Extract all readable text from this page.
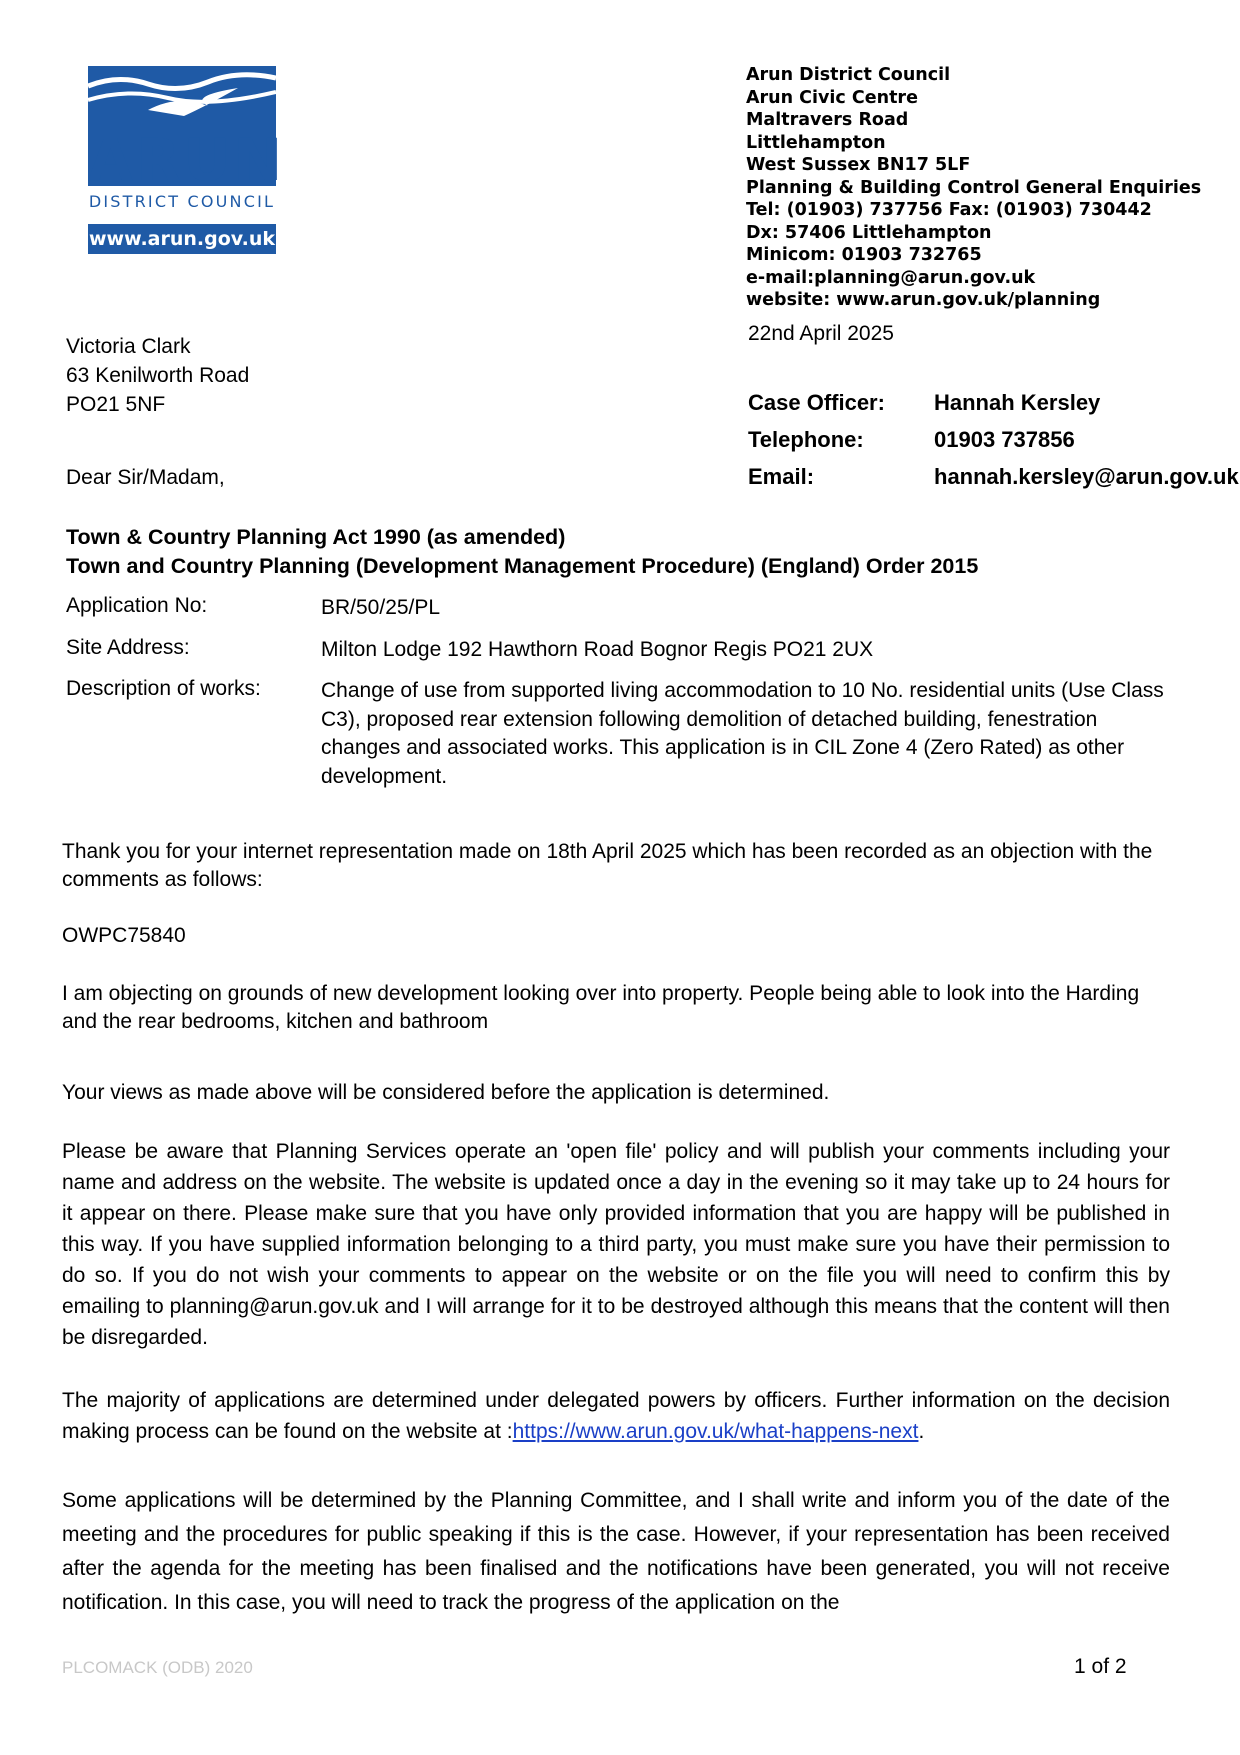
ARUN
DISTRICT COUNCIL
www.arun.gov.uk
Arun District Council
Arun Civic Centre
Maltravers Road
Littlehampton
West Sussex BN17 5LF
Planning & Building Control General Enquiries
Tel: (01903) 737756 Fax: (01903) 730442
Dx: 57406 Littlehampton
Minicom: 01903 732765
e-mail:planning@arun.gov.uk
website: www.arun.gov.uk/planning
22nd April 2025
Victoria Clark
63 Kenilworth Road
PO21 5NF
Dear Sir/Madam,
Case Officer: Hannah Kersley
Telephone:	01903 737856
Email:	hannah.kersley@arun.gov.uk
Town & Country Planning Act 1990 (as amended)
Town and Country Planning (Development Management Procedure) (England) Order 2015
Application No:	BR/50/25/PL
Site Address:	Milton Lodge 192 Hawthorn Road Bognor Regis PO21 2UX
Description of works:	Change of use from supported living accommodation to 10 No. residential units (Use Class C3), proposed rear extension following demolition of detached building, fenestration changes and associated works. This application is in CIL Zone 4 (Zero Rated) as other development.
Thank you for your internet representation made on 18th April 2025 which has been recorded as an objection with the comments as follows:
OWPC75840
I am objecting on grounds of new development looking over into property. People being able to look into the Harding and the rear bedrooms, kitchen and bathroom
Your views as made above will be considered before the application is determined.
Please be aware that Planning Services operate an 'open file' policy and will publish your comments including your name and address on the website. The website is updated once a day in the evening so it may take up to 24 hours for it appear on there. Please make sure that you have only provided information that you are happy will be published in this way. If you have supplied information belonging to a third party, you must make sure you have their permission to do so. If you do not wish your comments to appear on the website or on the file you will need to confirm this by emailing to planning@arun.gov.uk and I will arrange for it to be destroyed although this means that the content will then be disregarded.
The majority of applications are determined under delegated powers by officers. Further information on the decision making process can be found on the website at :https://www.arun.gov.uk/what-happens-next.
Some applications will be determined by the Planning Committee, and I shall write and inform you of the date of the meeting and the procedures for public speaking if this is the case. However, if your representation has been received after the agenda for the meeting has been finalised and the notifications have been generated, you will not receive notification. In this case, you will need to track the progress of the application on the
PLCOMACK (ODB) 2020	1 of 2
